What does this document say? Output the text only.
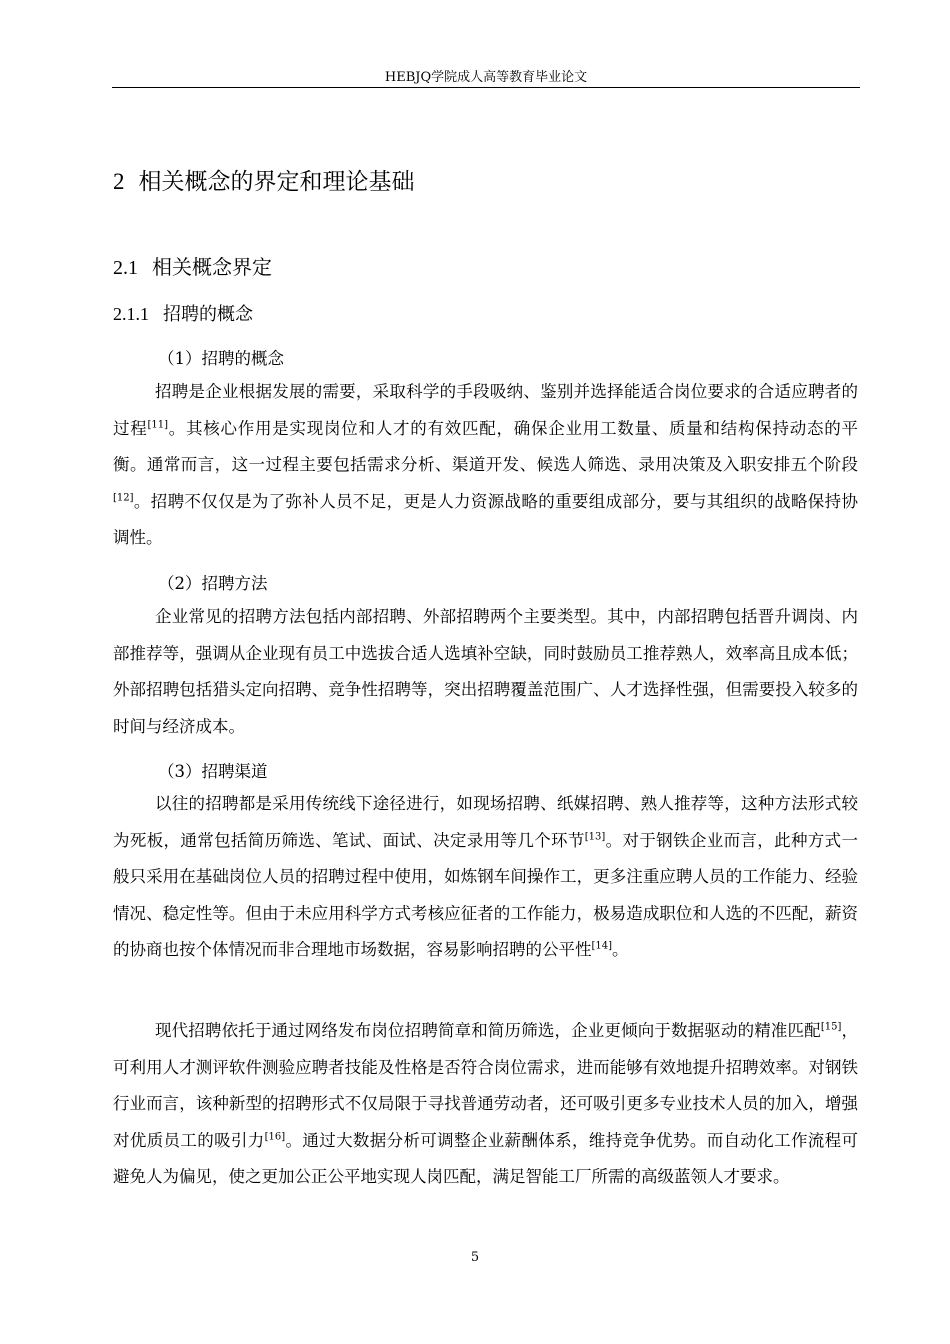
HEBJQ学院成人高等教育毕业论文
2 相关概念的界定和理论基础
2.1 相关概念界定
2.1.1 招聘的概念
（1）招聘的概念
招聘是企业根据发展的需要，采取科学的手段吸纳、鉴别并选择能适合岗位要求的合适应聘者的过程[11]。其核心作用是实现岗位和人才的有效匹配，确保企业用工数量、质量和结构保持动态的平衡。通常而言，这一过程主要包括需求分析、渠道开发、候选人筛选、录用决策及入职安排五个阶段[12]。招聘不仅仅是为了弥补人员不足，更是人力资源战略的重要组成部分，要与其组织的战略保持协调性。
（2）招聘方法
企业常见的招聘方法包括内部招聘、外部招聘两个主要类型。其中，内部招聘包括晋升调岗、内部推荐等，强调从企业现有员工中选拔合适人选填补空缺，同时鼓励员工推荐熟人，效率高且成本低；外部招聘包括猎头定向招聘、竞争性招聘等，突出招聘覆盖范围广、人才选择性强，但需要投入较多的时间与经济成本。
（3）招聘渠道
以往的招聘都是采用传统线下途径进行，如现场招聘、纸媒招聘、熟人推荐等，这种方法形式较为死板，通常包括简历筛选、笔试、面试、决定录用等几个环节[13]。对于钢铁企业而言，此种方式一般只采用在基础岗位人员的招聘过程中使用，如炼钢车间操作工，更多注重应聘人员的工作能力、经验情况、稳定性等。但由于未应用科学方式考核应征者的工作能力，极易造成职位和人选的不匹配，薪资的协商也按个体情况而非合理地市场数据，容易影响招聘的公平性[14]。
现代招聘依托于通过网络发布岗位招聘简章和简历筛选，企业更倾向于数据驱动的精准匹配[15]，可利用人才测评软件测验应聘者技能及性格是否符合岗位需求，进而能够有效地提升招聘效率。对钢铁行业而言，该种新型的招聘形式不仅局限于寻找普通劳动者，还可吸引更多专业技术人员的加入，增强对优质员工的吸引力[16]。通过大数据分析可调整企业薪酬体系，维持竞争优势。而自动化工作流程可避免人为偏见，使之更加公正公平地实现人岗匹配，满足智能工厂所需的高级蓝领人才要求。
5
